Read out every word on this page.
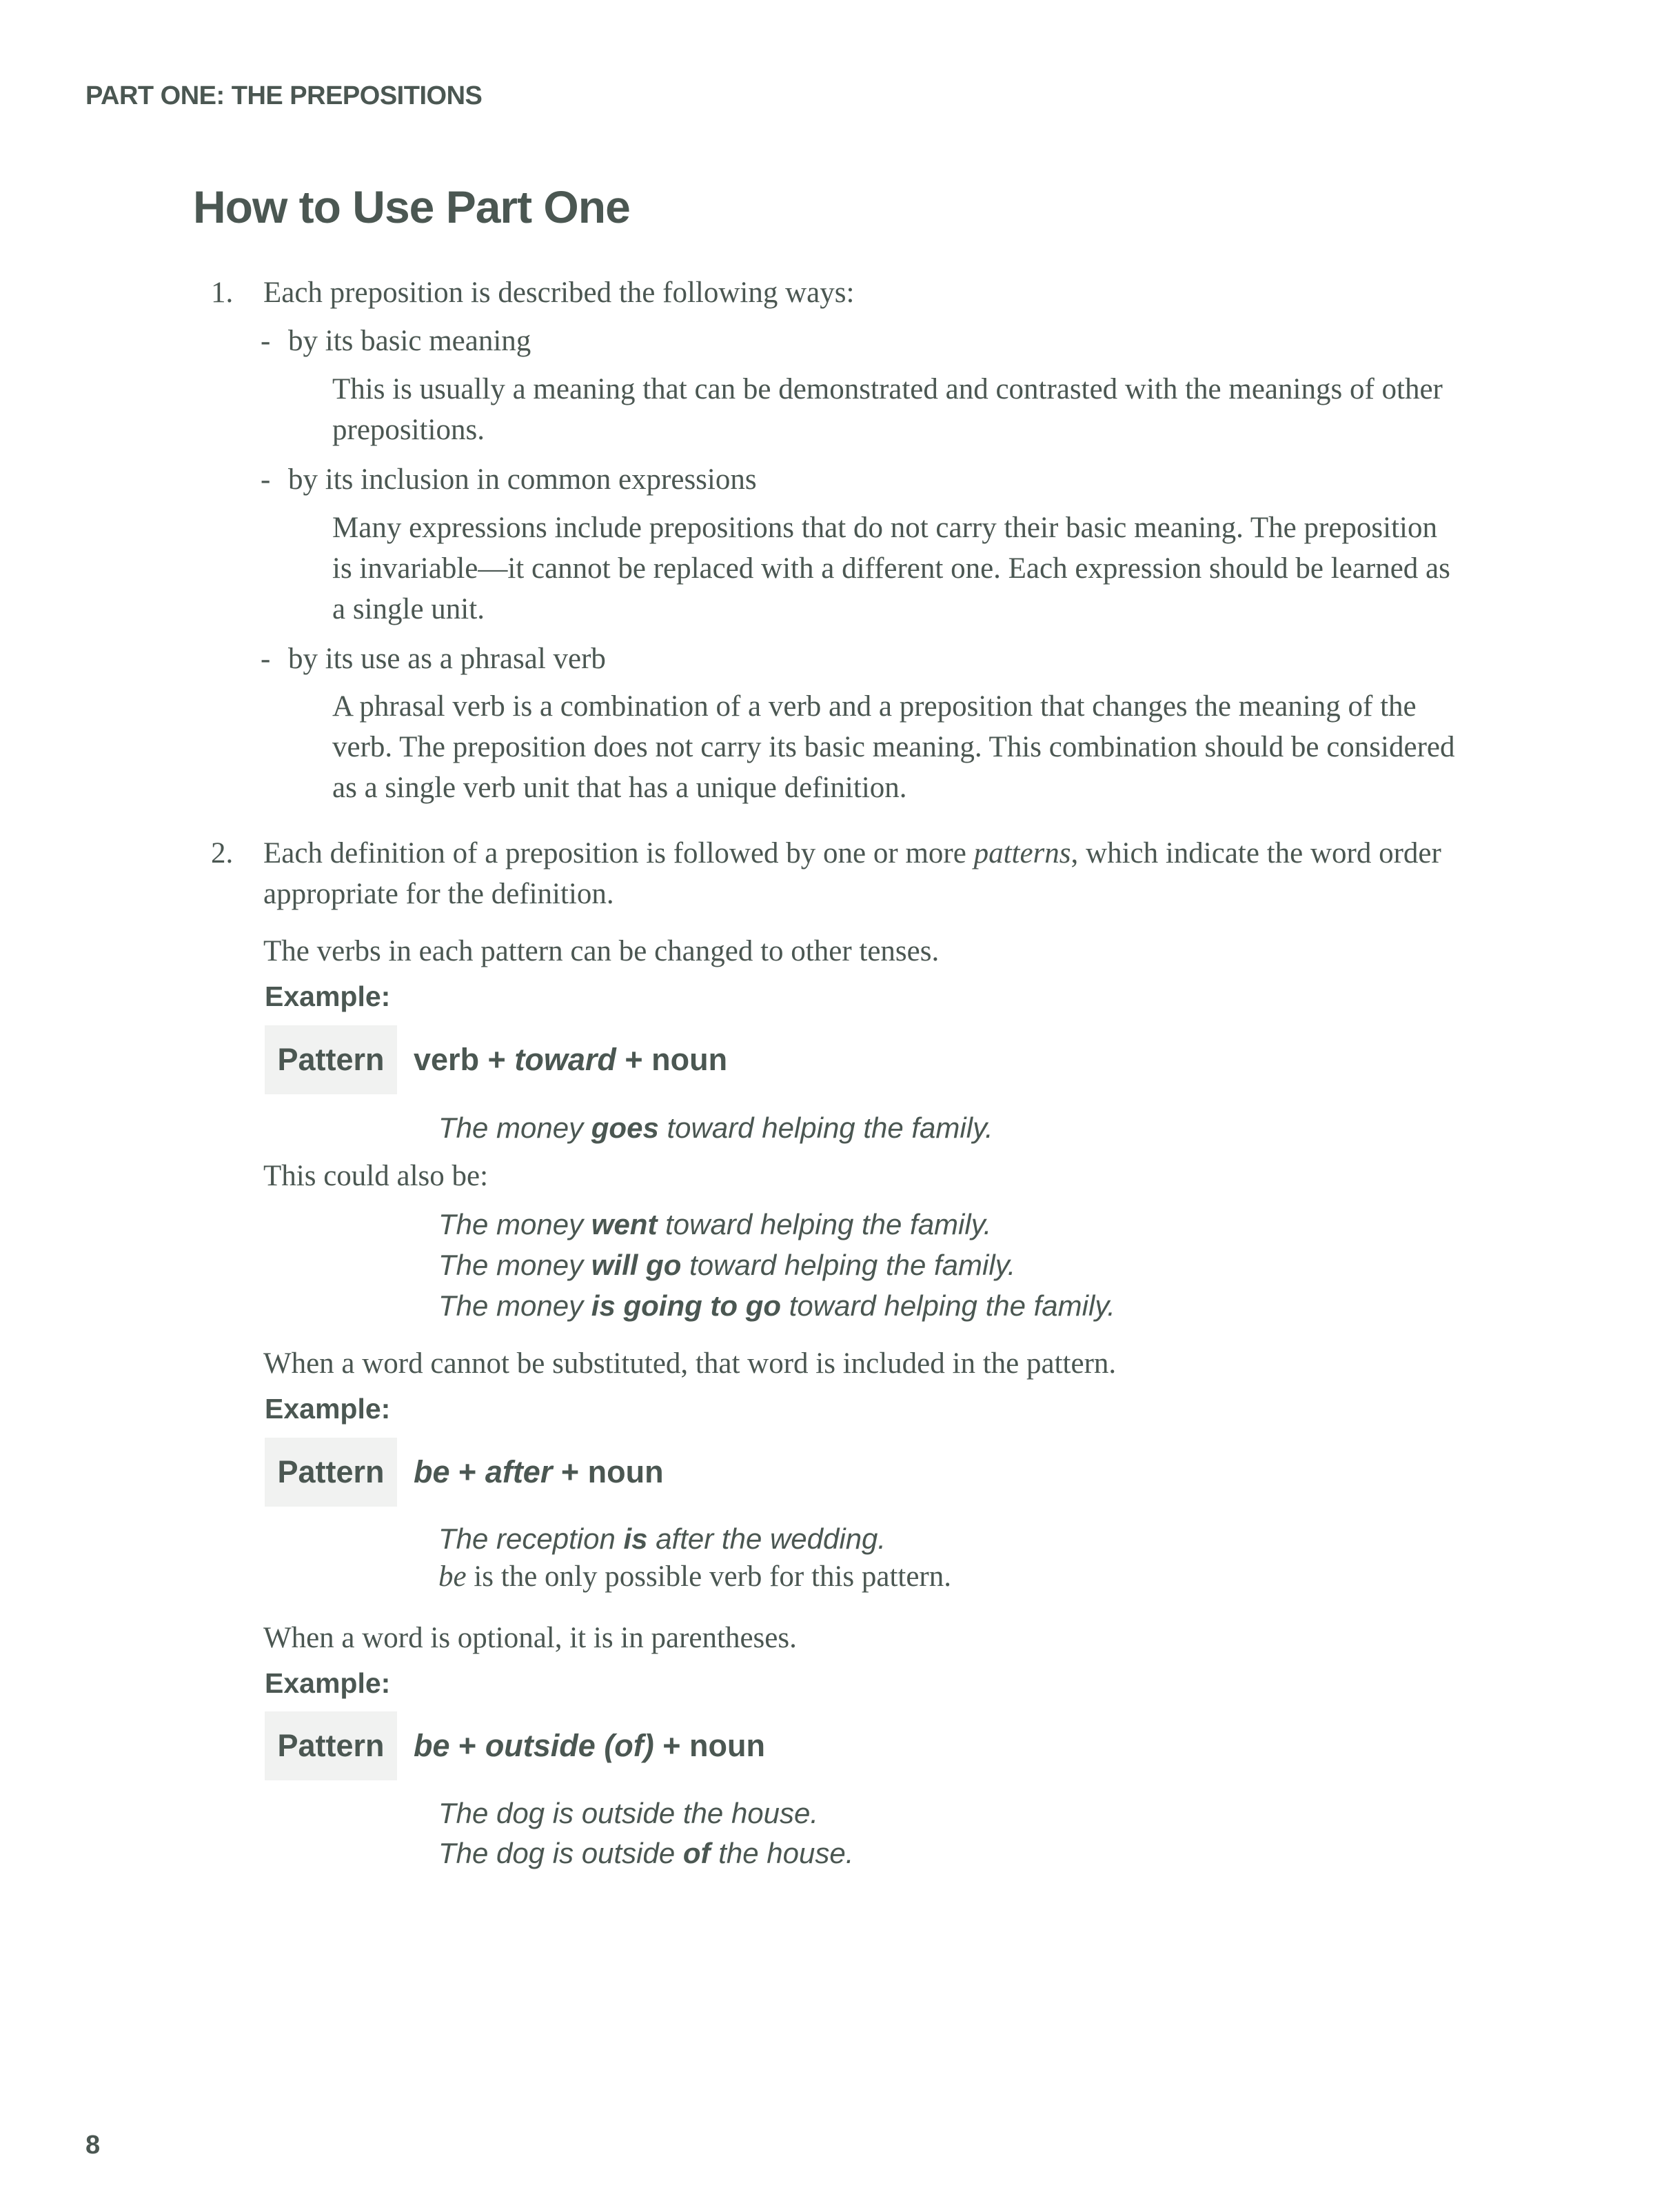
PART ONE: THE PREPOSITIONS
How to Use Part One
1. Each preposition is described the following ways:
- by its basic meaning
This is usually a meaning that can be demonstrated and contrasted with the meanings of other prepositions.
- by its inclusion in common expressions
Many expressions include prepositions that do not carry their basic meaning. The preposition is invariable—it cannot be replaced with a different one. Each expression should be learned as a single unit.
- by its use as a phrasal verb
A phrasal verb is a combination of a verb and a preposition that changes the meaning of the verb. The preposition does not carry its basic meaning. This combination should be considered as a single verb unit that has a unique definition.
2. Each definition of a preposition is followed by one or more patterns, which indicate the word order appropriate for the definition.
The verbs in each pattern can be changed to other tenses.
Example:
Pattern verb + toward + noun
The money goes toward helping the family.
This could also be:
The money went toward helping the family.
The money will go toward helping the family.
The money is going to go toward helping the family.
When a word cannot be substituted, that word is included in the pattern.
Example:
Pattern be + after + noun
The reception is after the wedding.
be is the only possible verb for this pattern.
When a word is optional, it is in parentheses.
Example:
Pattern be + outside (of) + noun
The dog is outside the house.
The dog is outside of the house.
8
